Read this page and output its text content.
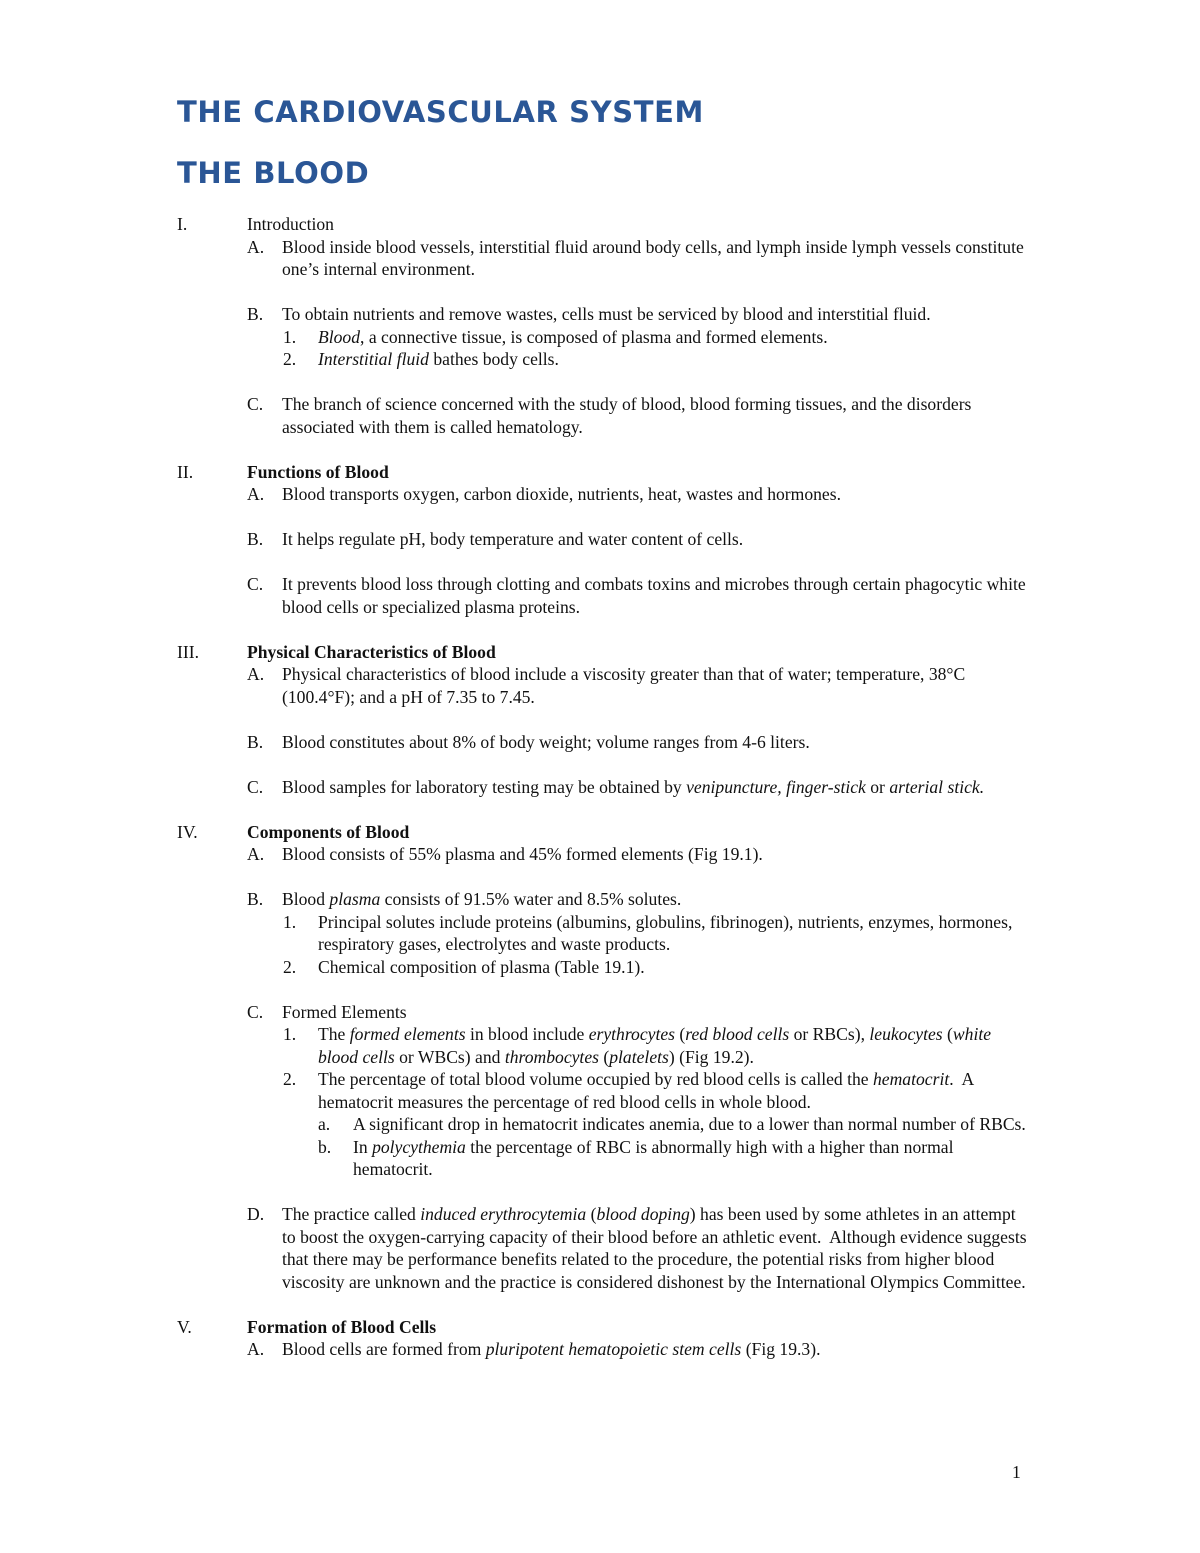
THE CARDIOVASCULAR SYSTEM
THE BLOOD
I.	Introduction
A. Blood inside blood vessels, interstitial fluid around body cells, and lymph inside lymph vessels constitute one’s internal environment.
B. To obtain nutrients and remove wastes, cells must be serviced by blood and interstitial fluid.
1. Blood, a connective tissue, is composed of plasma and formed elements.
2. Interstitial fluid bathes body cells.
C. The branch of science concerned with the study of blood, blood forming tissues, and the disorders associated with them is called hematology.
II.	Functions of Blood
A. Blood transports oxygen, carbon dioxide, nutrients, heat, wastes and hormones.
B. It helps regulate pH, body temperature and water content of cells.
C. It prevents blood loss through clotting and combats toxins and microbes through certain phagocytic white blood cells or specialized plasma proteins.
III.	Physical Characteristics of Blood
A. Physical characteristics of blood include a viscosity greater than that of water; temperature, 38°C (100.4°F); and a pH of 7.35 to 7.45.
B. Blood constitutes about 8% of body weight; volume ranges from 4-6 liters.
C. Blood samples for laboratory testing may be obtained by venipuncture, finger-stick or arterial stick.
IV.	Components of Blood
A. Blood consists of 55% plasma and 45% formed elements (Fig 19.1).
B. Blood plasma consists of 91.5% water and 8.5% solutes.
1. Principal solutes include proteins (albumins, globulins, fibrinogen), nutrients, enzymes, hormones, respiratory gases, electrolytes and waste products.
2. Chemical composition of plasma (Table 19.1).
C. Formed Elements
1. The formed elements in blood include erythrocytes (red blood cells or RBCs), leukocytes (white blood cells or WBCs) and thrombocytes (platelets) (Fig 19.2).
2. The percentage of total blood volume occupied by red blood cells is called the hematocrit.  A hematocrit measures the percentage of red blood cells in whole blood.
a. A significant drop in hematocrit indicates anemia, due to a lower than normal number of RBCs.
b. In polycythemia the percentage of RBC is abnormally high with a higher than normal hematocrit.
D. The practice called induced erythrocytemia (blood doping) has been used by some athletes in an attempt to boost the oxygen-carrying capacity of their blood before an athletic event.  Although evidence suggests that there may be performance benefits related to the procedure, the potential risks from higher blood viscosity are unknown and the practice is considered dishonest by the International Olympics Committee.
V.	Formation of Blood Cells
A. Blood cells are formed from pluripotent hematopoietic stem cells (Fig 19.3).
1
